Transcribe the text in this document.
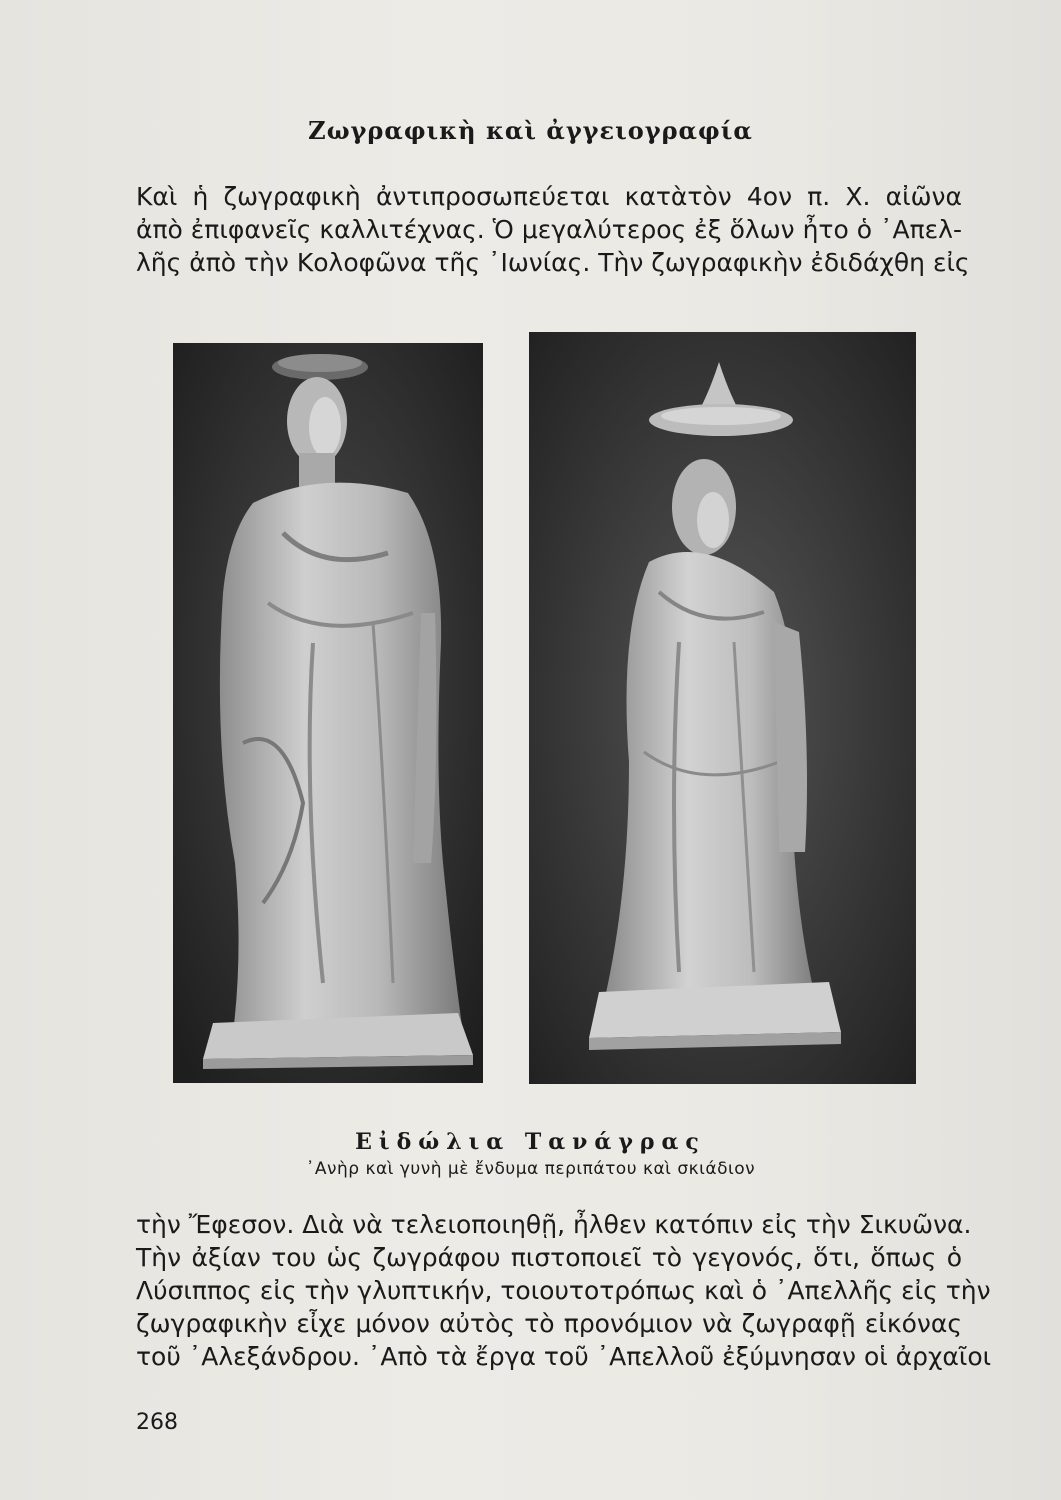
Ζωγραφικὴ καὶ ἀγγειογραφία
Καὶ ἡ ζωγραφικὴ ἀντιπροσωπεύεται κατὰτὸν 4ον π. Χ. αἰῶνα
ἀπὸ ἐπιφανεῖς καλλιτέχνας. Ὁ μεγαλύτερος ἐξ ὅλων ἦτο ὁ ᾿Απελ-
λῆς ἀπὸ τὴν Κολοφῶνα τῆς ᾿Ιωνίας. Τὴν ζωγραφικὴν ἐδιδάχθη εἰς
Εἰδώλια Τανάγρας
᾿Ανὴρ καὶ γυνὴ μὲ ἔνδυμα περιπάτου καὶ σκιάδιον
τὴν Ἔφεσον. Διὰ νὰ τελειοποιηθῇ, ἦλθεν κατόπιν εἰς τὴν Σικυῶνα.
Τὴν ἀξίαν του ὡς ζωγράφου πιστοποιεῖ τὸ γεγονός, ὅτι, ὅπως ὁ
Λύσιππος εἰς τὴν γλυπτικήν, τοιουτοτρόπως καὶ ὁ ᾿Απελλῆς εἰς τὴν
ζωγραφικὴν εἶχε μόνον αὐτὸς τὸ προνόμιον νὰ ζωγραφῇ εἰκόνας
τοῦ ᾿Αλεξάνδρου. ᾿Απὸ τὰ ἔργα τοῦ ᾿Απελλοῦ ἐξύμνησαν οἱ ἀρχαῖοι
268
